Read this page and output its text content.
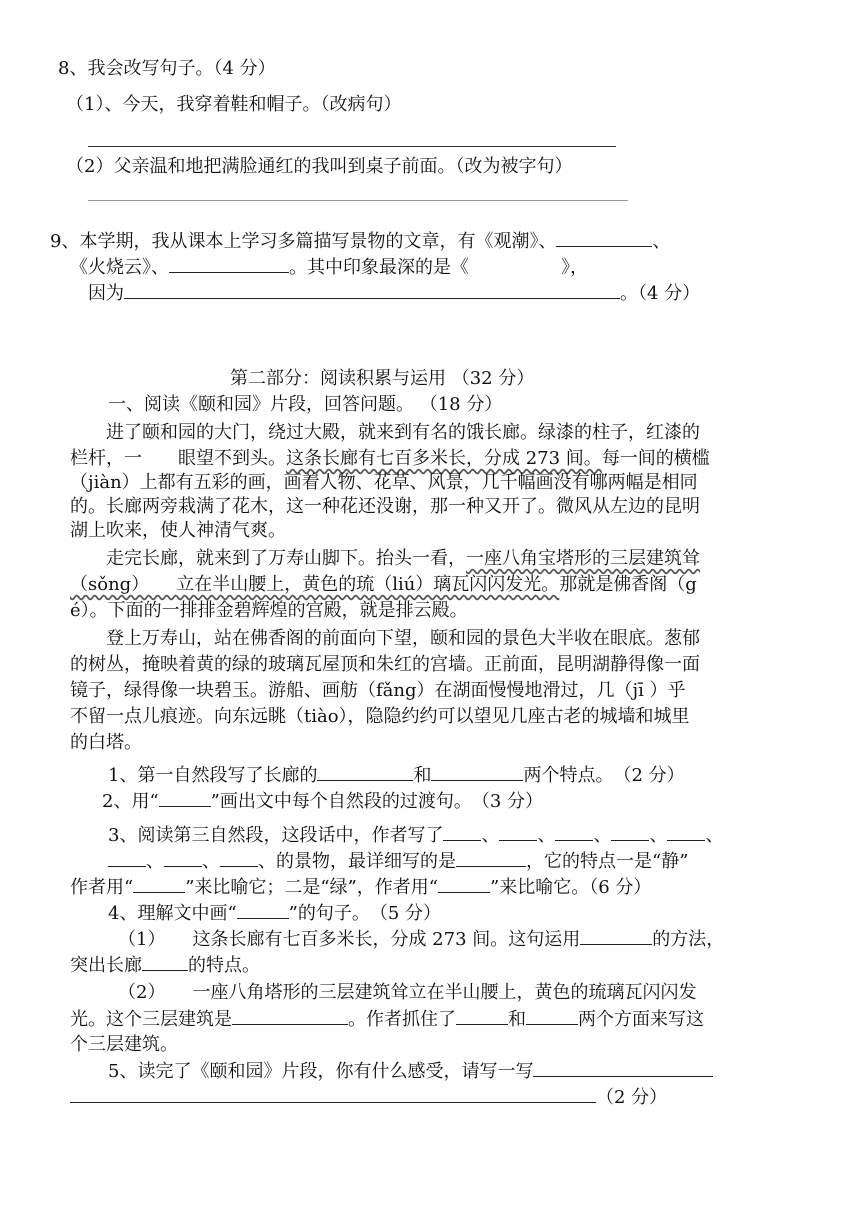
8、我会改写句子。（4 分）
（1）、今天，我穿着鞋和帽子。（改病句）
（2）父亲温和地把满脸通红的我叫到桌子前面。（改为被字句）
9、本学期，我从课本上学习多篇描写景物的文章，有《观潮》、	、
《火烧云》、	。其中印象最深的是《	》，
因为	。（4 分）
第二部分：阅读积累与运用 （32 分）
一、阅读《颐和园》片段，回答问题。 （18 分）
进了颐和园的大门，绕过大殿，就来到有名的饿长廊。绿漆的柱子，红漆的
栏杆，一　　眼望不到头。这条长廊有七百多米长，分成 273 间。每一间的横槛
（jiàn）上都有五彩的画，画着人物、花草、风景，几千幅画没有哪两幅是相同
的。长廊两旁栽满了花木，这一种花还没谢，那一种又开了。微风从左边的昆明
湖上吹来，使人神清气爽。
走完长廊，就来到了万寿山脚下。抬头一看，一座八角宝塔形的三层建筑耸
（sǒng）　　立在半山腰上，黄色的琉（liú）璃瓦闪闪发光。那就是佛香阁（g
é）。下面的一排排金碧辉煌的宫殿，就是排云殿。
登上万寿山，站在佛香阁的前面向下望，颐和园的景色大半收在眼底。葱郁
的树丛，掩映着黄的绿的玻璃瓦屋顶和朱红的宫墙。正前面，昆明湖静得像一面
镜子，绿得像一块碧玉。游船、画舫（fǎng）在湖面慢慢地滑过，几（jī ）乎
不留一点儿痕迹。向东远眺（tiào），隐隐约约可以望见几座古老的城墙和城里
的白塔。
1、第一自然段写了长廊的	和	两个特点。　（2 分）
2、用“	”画出文中每个自然段的过渡句。　（3 分）
3、阅读第三自然段，这段话中，作者写了 、 、 、 、 、
、 、 、的景物，最详细写的是	，它的特点一是“静”
作者用“	”来比喻它；二是“绿”，作者用“	”来比喻它。（6 分）
4、理解文中画“	”的句子。　（5 分）
（1）　　这条长廊有七百多米长，分成 273 间。这句运用	的方法，
突出长廊	的特点。
（2）　　一座八角塔形的三层建筑耸立在半山腰上，黄色的琉璃瓦闪闪发
光。这个三层建筑是	。作者抓住了	和	两个方面来写这
个三层建筑。
5、读完了《颐和园》片段，你有什么感受，请写一写
（2 分）
